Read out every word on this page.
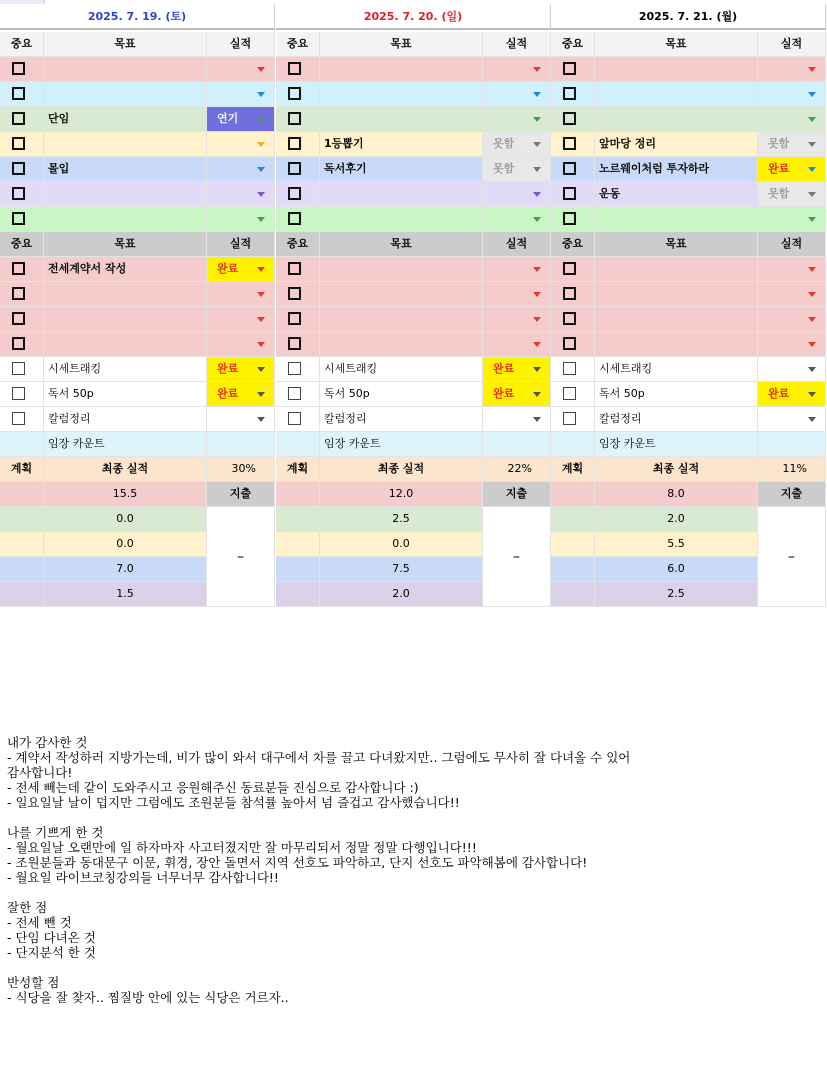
2025. 7. 19. (토)
중요	목표	실적
단임	연기
몰입
중요	목표	실적
전세계약서 작성	완료
시세트래킹	완료
독서 50p	완료
칼럼정리
임장 카운트
계획	최종 실적	30%
15.5	지출
0.0
0.0
7.0
1.5
–
2025. 7. 20. (일)
중요	목표	실적
1등뽑기	못함
독서후기	못함
중요	목표	실적
시세트래킹	완료
독서 50p	완료
칼럼정리
임장 카운트
계획	최종 실적	22%
12.0	지출
2.5
0.0
7.5
2.0
–
2025. 7. 21. (월)
중요	목표	실적
앞마당 정리	못함
노르웨이처럼 투자하라	완료
운동	못함
중요	목표	실적
시세트래킹
독서 50p	완료
칼럼정리
임장 카운트
계획	최종 실적	11%
8.0	지출
2.0
5.5
6.0
2.5
–
내가 감사한 것
- 계약서 작성하러 지방가는데, 비가 많이 와서 대구에서 차를 끌고 다녀왔지만.. 그럼에도 무사히 잘 다녀올 수 있어
감사합니다!
- 전세 빼는데 같이 도와주시고 응원해주신 동료분들 진심으로 감사합니다 :)
- 일요일날 날이 덥지만 그럼에도 조원분들 참석률 높아서 넘 즐겁고 감사했습니다!!
나를 기쁘게 한 것
- 월요일날 오랜만에 일 하자마자 사고터졌지만 잘 마무리되서 정말 정말 다행입니다!!!
- 조원분들과 동대문구 이문, 휘경, 장안 돌면서 지역 선호도 파악하고, 단지 선호도 파악해봄에 감사합니다!
- 월요일 라이브코칭강의들 너무너무 감사합니다!!
잘한 점
- 전세 뺀 것
- 단임 다녀온 것
- 단지분석 한 것
반성할 점
- 식당을 잘 찾자.. 찜질방 안에 있는 식당은 거르자..
